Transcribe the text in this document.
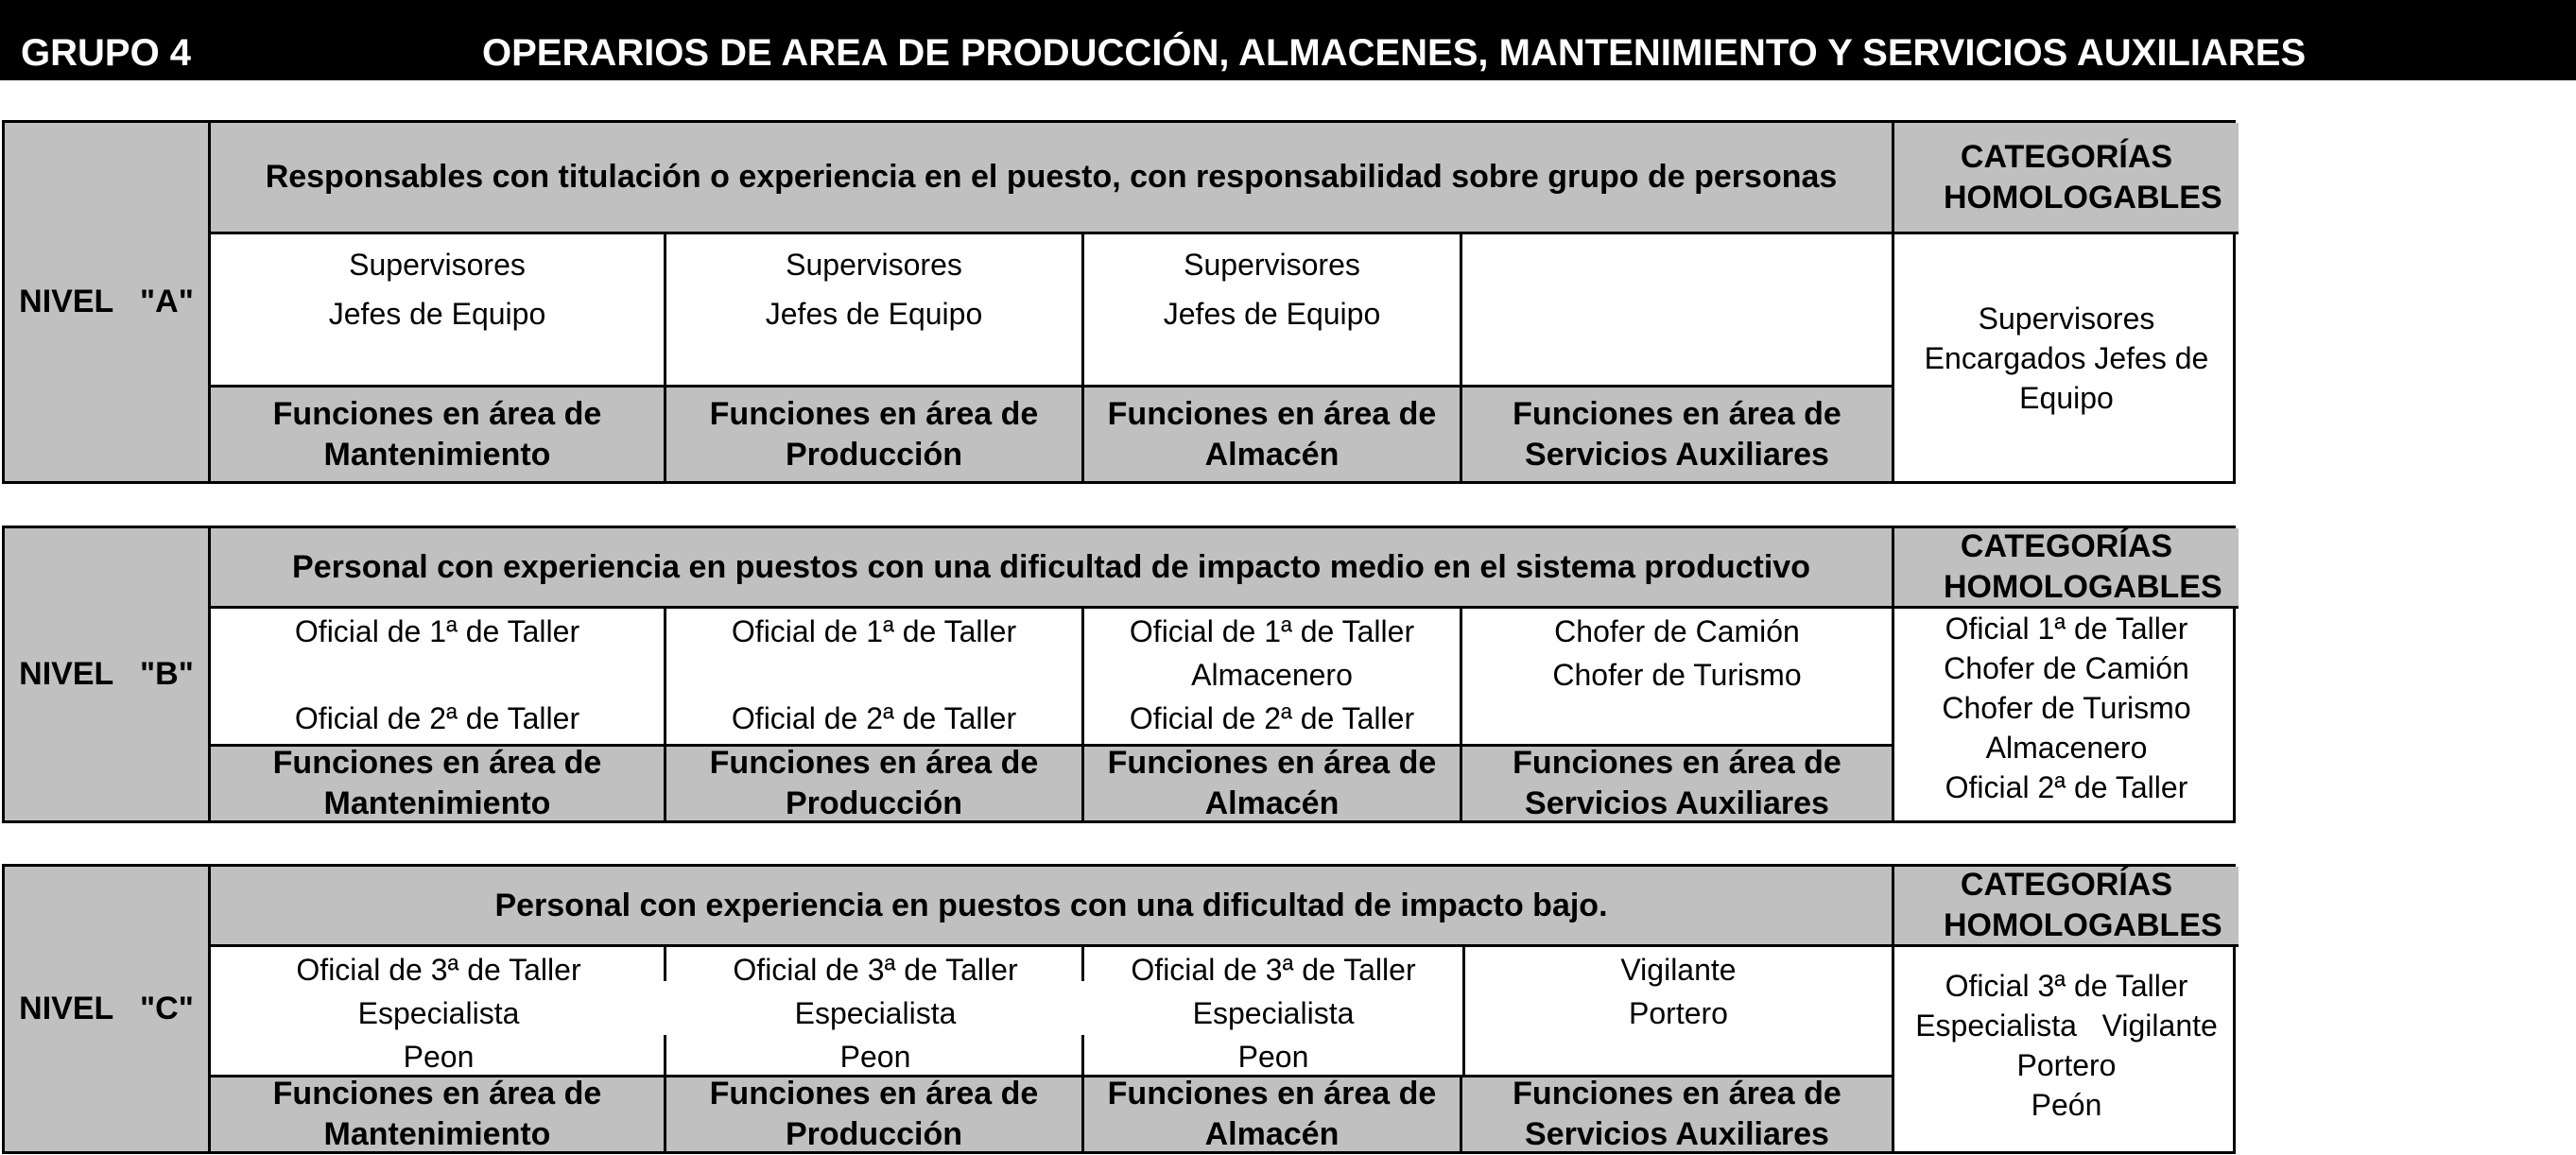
GRUPO 4	OPERARIOS DE AREA DE PRODUCCIÓN, ALMACENES, MANTENIMIENTO Y SERVICIOS AUXILIARES
NIVEL   "A"
Responsables con titulación o experiencia en el puesto, con responsabilidad sobre grupo de personas
CATEGORÍAS HOMOLOGABLES
Supervisores
Jefes de Equipo
Supervisores
Jefes de Equipo
Supervisores
Jefes de Equipo	Supervisores Encargados Jefes de Equipo
Funciones en área de Mantenimiento
Funciones en área de Producción
Funciones en área de Almacén
Funciones en área de Servicios Auxiliares
NIVEL   "B"
Personal con experiencia en puestos con una dificultad de impacto medio en el sistema productivo
CATEGORÍAS HOMOLOGABLES
Oficial de 1ª de Taller
Oficial de 2ª de Taller
Oficial de 1ª de Taller
Oficial de 2ª de Taller
Oficial de 1ª de Taller
Almacenero
Oficial de 2ª de Taller
Chofer de Camión
Chofer de Turismo
Oficial 1ª de Taller
Chofer de Camión
Chofer de Turismo
Almacenero
Oficial 2ª de Taller
Funciones en área de Mantenimiento
Funciones en área de Producción
Funciones en área de Almacén
Funciones en área de Servicios Auxiliares
NIVEL   "C"
Personal con experiencia en puestos con una dificultad de impacto bajo.
CATEGORÍAS HOMOLOGABLES
Oficial de 3ª de Taller
Especialista
Peon
Oficial de 3ª de Taller
Especialista
Peon
Oficial de 3ª de Taller
Especialista
Peon
Vigilante
Portero
Oficial 3ª de Taller
Especialista   Vigilante
Portero
Peón
Funciones en área de Mantenimiento
Funciones en área de Producción
Funciones en área de Almacén
Funciones en área de Servicios Auxiliares
